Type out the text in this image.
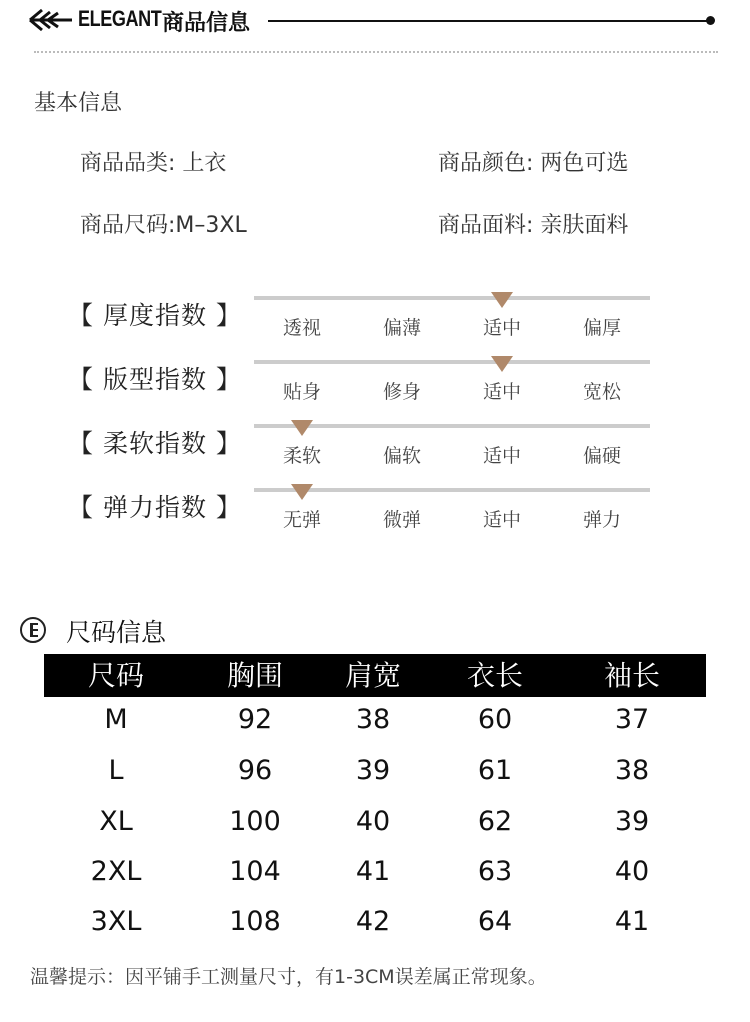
ELEGANT 商品信息
基本信息
商品品类: 上衣	商品颜色: 两色可选
商品尺码:M–3XL	商品面料: 亲肤面料
【 厚度指数 】	透视	偏薄	适中	偏厚
【 版型指数 】	贴身	修身	适中	宽松
【 柔软指数 】	柔软	偏软	适中	偏硬
【 弹力指数 】	无弹	微弹	适中	弹力
尺码信息
尺码	胸围	肩宽	衣长	袖长
M	92	38	60	37
L	96	39	61	38
XL	100	40	62	39
2XL	104	41	63	40
3XL	108	42	64	41
温馨提示：因平铺手工测量尺寸，有1-3CM误差属正常现象。
